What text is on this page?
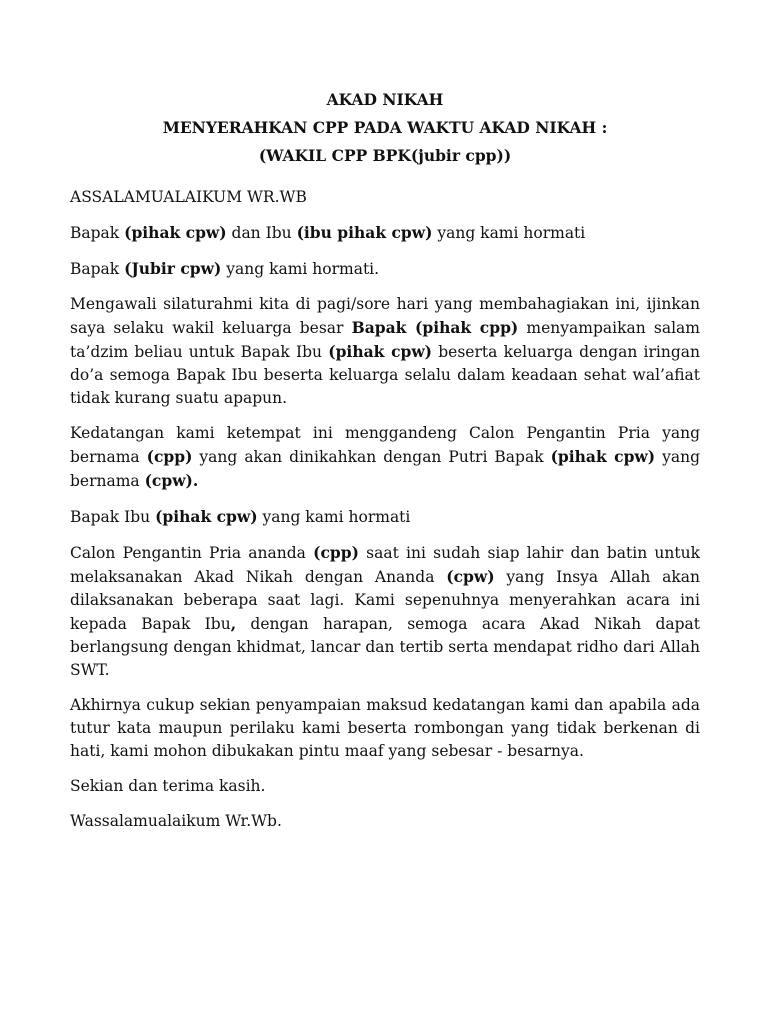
AKAD NIKAH
MENYERAHKAN CPP PADA WAKTU AKAD NIKAH :
(WAKIL CPP BPK(jubir cpp))

ASSALAMUALAIKUM WR.WB

Bapak (pihak cpw) dan Ibu (ibu pihak cpw) yang kami hormati

Bapak (Jubir cpw) yang kami hormati.

Mengawali silaturahmi kita di pagi/sore hari yang membahagiakan ini, ijinkan saya selaku wakil keluarga besar Bapak (pihak cpp) menyampaikan salam ta’dzim beliau untuk Bapak Ibu (pihak cpw) beserta keluarga dengan iringan do’a semoga Bapak Ibu beserta keluarga selalu dalam keadaan sehat wal’afiat tidak kurang suatu apapun.

Kedatangan kami ketempat ini menggandeng Calon Pengantin Pria yang bernama (cpp) yang akan dinikahkan dengan Putri Bapak (pihak cpw) yang bernama (cpw).

Bapak Ibu (pihak cpw) yang kami hormati

Calon Pengantin Pria ananda (cpp) saat ini sudah siap lahir dan batin untuk melaksanakan Akad Nikah dengan Ananda (cpw) yang Insya Allah akan dilaksanakan beberapa saat lagi. Kami sepenuhnya menyerahkan acara ini kepada Bapak Ibu, dengan harapan, semoga acara Akad Nikah dapat berlangsung dengan khidmat, lancar dan tertib serta mendapat ridho dari Allah SWT.

Akhirnya cukup sekian penyampaian maksud kedatangan kami dan apabila ada tutur kata maupun perilaku kami beserta rombongan yang tidak berkenan di hati, kami mohon dibukakan pintu maaf yang sebesar - besarnya.

Sekian dan terima kasih.

Wassalamualaikum Wr.Wb.
